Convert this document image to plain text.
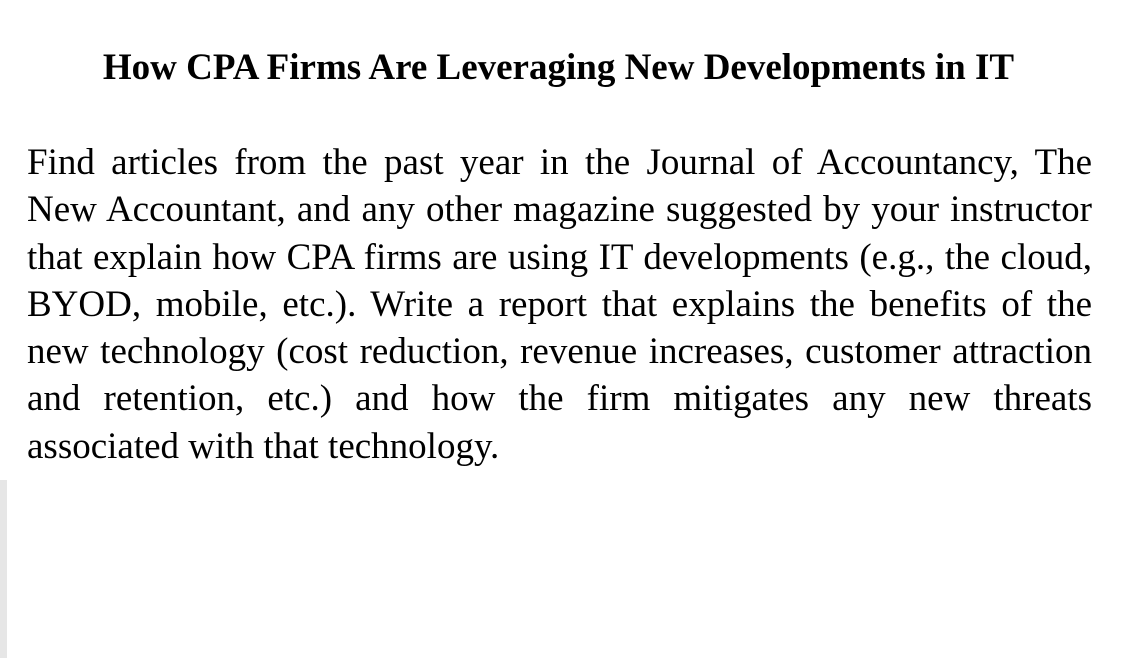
How CPA Firms Are Leveraging New Developments in IT

Find articles from the past year in the Journal of Accountancy, The New Accountant, and any other magazine suggested by your instructor that explain how CPA firms are using IT developments (e.g., the cloud, BYOD, mobile, etc.). Write a report that explains the benefits of the new technology (cost reduction, revenue increases, customer attraction and retention, etc.) and how the firm mitigates any new threats associated with that technology.
